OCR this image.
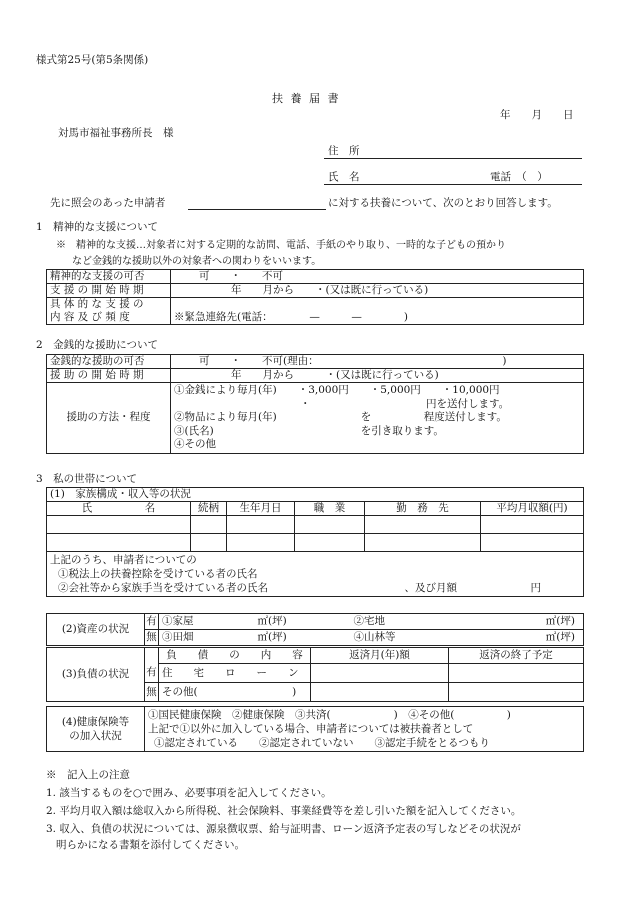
様式第25号(第5条関係)
扶 養 届 書
年　　月　　日
対馬市福祉事務所長　様
住　所
氏　名	電話　（　）
先に照会のあった申請者	に対する扶養について、次のとおり回答します。
1　精神的な支援について
※　精神的な支援…対象者に対する定期的な訪問、電話、手紙のやり取り、一時的な子どもの預かり
など金銭的な援助以外の対象者への関わりをいいます。
精神的な支援の可否	可　　・　　不可
支 援 の 開 始 時 期	年　　月から　　・(又は既に行っている)
具 体 的 な 支 援 の	※緊急連絡先(電話：　　　　—　　　—　　　　)
内 容 及 び 頻 度	
2　金銭的な援助について
金銭的な援助の可否	可　　・　　不可(理由：　　　　　　　　　　　　　　　　　　)
援 助 の 開 始 時 期	年　　月から　　　・(又は既に行っている)
援助の方法・程度	①金銭により毎月(年)　　・3,000円　　・5,000円　　・10,000円
　　　　　　　　　　　　・　　　　　　　　　　　円を送付します。
②物品により毎月(年)　　　　　　　　を　　　　　程度送付します。
③(氏名)　　　　　　　　　　　　　　を引き取ります。
④その他
3　私の世帯について
(1)　家族構成・収入等の状況					
氏　　　　　名	続柄	生年月日	職　業	勤　務　先	平均月収額(円)

上記のうち、申請者についての
①税法上の扶養控除を受けている者の氏名
②会社等から家族手当を受けている者の氏名　　　　　　　　　　　　　、及び月額　　　　　　　円					
(2)資産の状況	有	①家屋	㎡(坪)	②宅地	㎡(坪)
	無	③田畑	㎡(坪)	④山林等	㎡(坪)
(3)負債の状況		負　　債　　の　　内　　容	返済月(年)額	返済の終了予定
	有	住　　宅　　ロ　　ー　　ン		
	無	その他(　　　　　　　　　)		
(4)健康保険等
の加入状況

①国民健康保険　②健康保険　③共済(　　　　　　)　④その他(　　　　　)
上記で①以外に加入している場合、申請者については被扶養者として
①認定されている　　②認定されていない　　③認定手続をとるつもり
※　記入上の注意
1. 該当するものを○で囲み、必要事項を記入してください。
2. 平均月収入額は総収入から所得税、社会保険料、事業経費等を差し引いた額を記入してください。
3. 収入、負債の状況については、源泉徴収票、給与証明書、ローン返済予定表の写しなどその状況が
明らかになる書類を添付してください。
